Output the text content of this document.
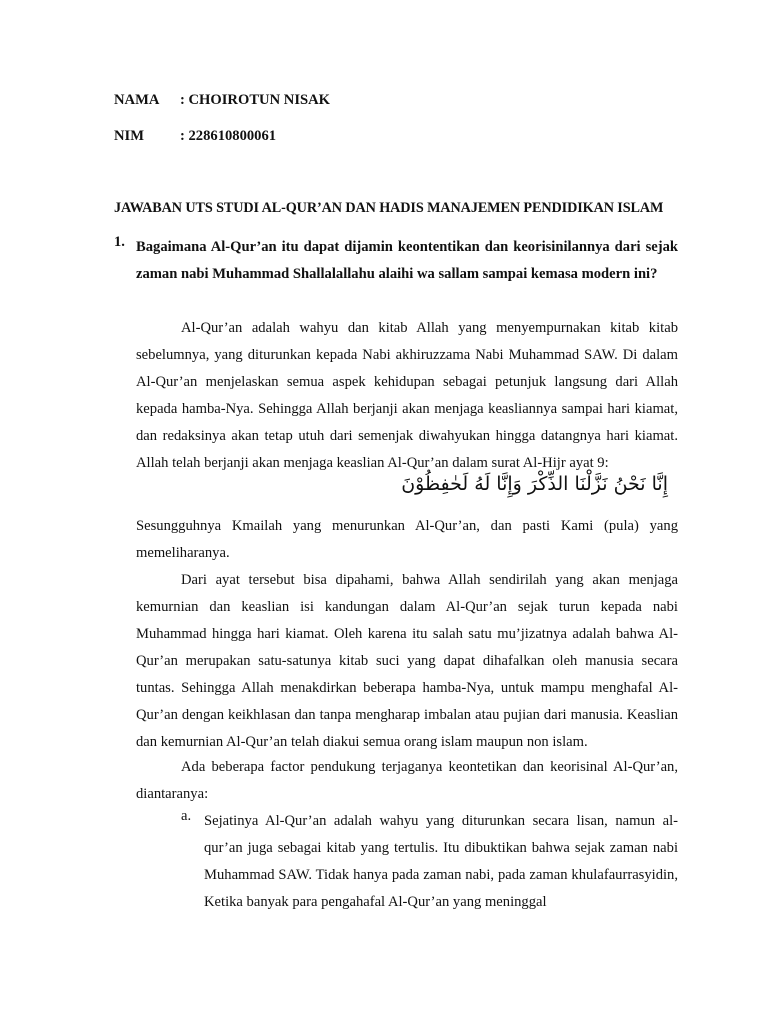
NAMA : CHOIROTUN NISAK
NIM : 228610800061
JAWABAN UTS STUDI AL-QUR’AN DAN HADIS MANAJEMEN PENDIDIKAN ISLAM
1. Bagaimana Al-Qur’an itu dapat dijamin keontentikan dan keorisinilannya dari sejak zaman nabi Muhammad Shallalallahu alaihi wa sallam sampai kemasa modern ini?
Al-Qur’an adalah wahyu dan kitab Allah yang menyempurnakan kitab kitab sebelumnya, yang diturunkan kepada Nabi akhiruzzama Nabi Muhammad SAW. Di dalam Al-Qur’an menjelaskan semua aspek kehidupan sebagai petunjuk langsung dari Allah kepada hamba-Nya. Sehingga Allah berjanji akan menjaga keasliannya sampai hari kiamat, dan redaksinya akan tetap utuh dari semenjak diwahyukan hingga datangnya hari kiamat. Allah telah berjanji akan menjaga keaslian Al-Qur’an dalam surat Al-Hijr ayat 9:
إِنَّا نَحْنُ نَزَّلْنَا الذِّكْرَ وَإِنَّا لَهُ لَحٰفِظُوْنَ
Sesungguhnya Kmailah yang menurunkan Al-Qur’an, dan pasti Kami (pula) yang memeliharanya.
Dari ayat tersebut bisa dipahami, bahwa Allah sendirilah yang akan menjaga kemurnian dan keaslian isi kandungan dalam Al-Qur’an sejak turun kepada nabi Muhammad hingga hari kiamat. Oleh karena itu salah satu mu’jizatnya adalah bahwa Al-Qur’an merupakan satu-satunya kitab suci yang dapat dihafalkan oleh manusia secara tuntas. Sehingga Allah menakdirkan beberapa hamba-Nya, untuk mampu menghafal Al-Qur’an dengan keikhlasan dan tanpa mengharap imbalan atau pujian dari manusia. Keaslian dan kemurnian Al-Qur’an telah diakui semua orang islam maupun non islam.
Ada beberapa factor pendukung terjaganya keontetikan dan keorisinal Al-Qur’an, diantaranya:
a. Sejatinya Al-Qur’an adalah wahyu yang diturunkan secara lisan, namun al-qur’an juga sebagai kitab yang tertulis. Itu dibuktikan bahwa sejak zaman nabi Muhammad SAW. Tidak hanya pada zaman nabi, pada zaman khulafaurrasyidin, Ketika banyak para pengahafal Al-Qur’an yang meninggal
